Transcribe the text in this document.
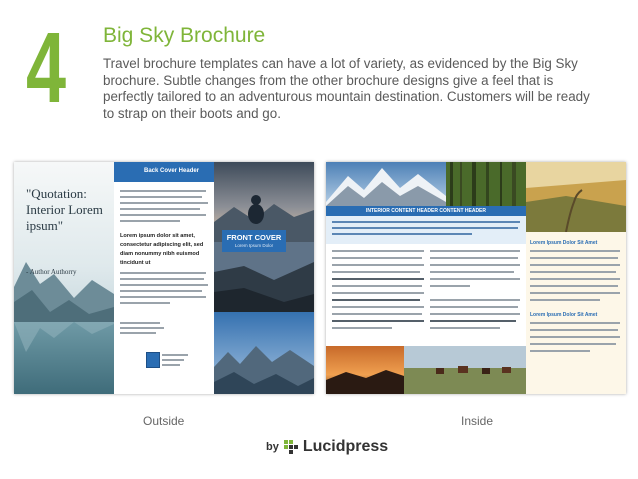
4 Big Sky Brochure
Travel brochure templates can have a lot of variety, as evidenced by the Big Sky brochure. Subtle changes from the other brochure designs give a feel that is perfectly tailored to an adventurous mountain destination. Customers will be ready to strap on their boots and go.
"Quotation: Interior Lorem ipsum"
- Author Authorry
Back Cover Header
Lorem ipsum dolor sit amet, consectetur adipiscing elit, sed diam nonummy nibh euismod tincidunt ut
FRONT COVER
Lorem Ipsum Dolor
INTERIOR CONTENT HEADER CONTENT HEADER
Lorem Ipsum Dolor Sit Amet
Lorem Ipsum Dolor Sit Amet
Outside	Inside
by Lucidpress
